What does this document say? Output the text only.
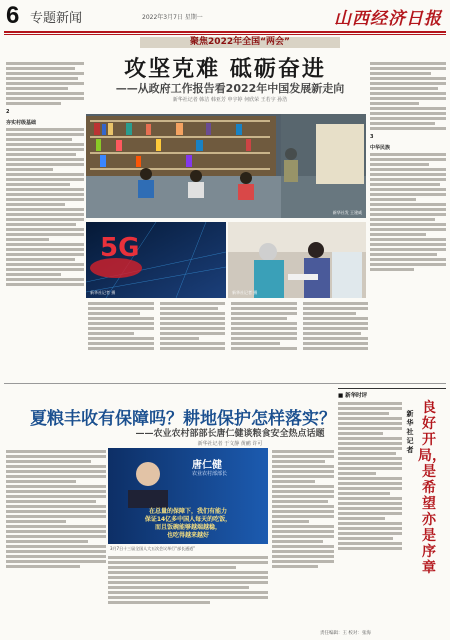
6 专题新闻	2022年3月7日 星期一	山西经济日报
聚焦2022年全国“两会”
攻坚克难 砥砺奋进
——从政府工作报告看2022年中国发展新走向
新华社记者 韩洁 韩亚芳 申宇婷 何欣荣 王若宇 孙浩
2
夯实村级基础
3
中华民族
新华社发 王建威
5G
新华社记者 摄	新华社记者 摄
夏粮丰收有保障吗？耕地保护怎样落实？
——农业农村部部长唐仁健谈粮食安全热点话题
新华社记者 于文静 黄鹂 许可
唐仁健
农业农村部部长
在总量的保障下，我们有能力
保证14亿多中国人每天的吃饭，
而且饭碗能够越端越稳，
也吃得越来越好
3月7日十三届全国人大五次会议举行“部长通道”
■ 新华时评
新华社记者
良好开局，是希望亦是序章
责任编辑：王 校对：张海
